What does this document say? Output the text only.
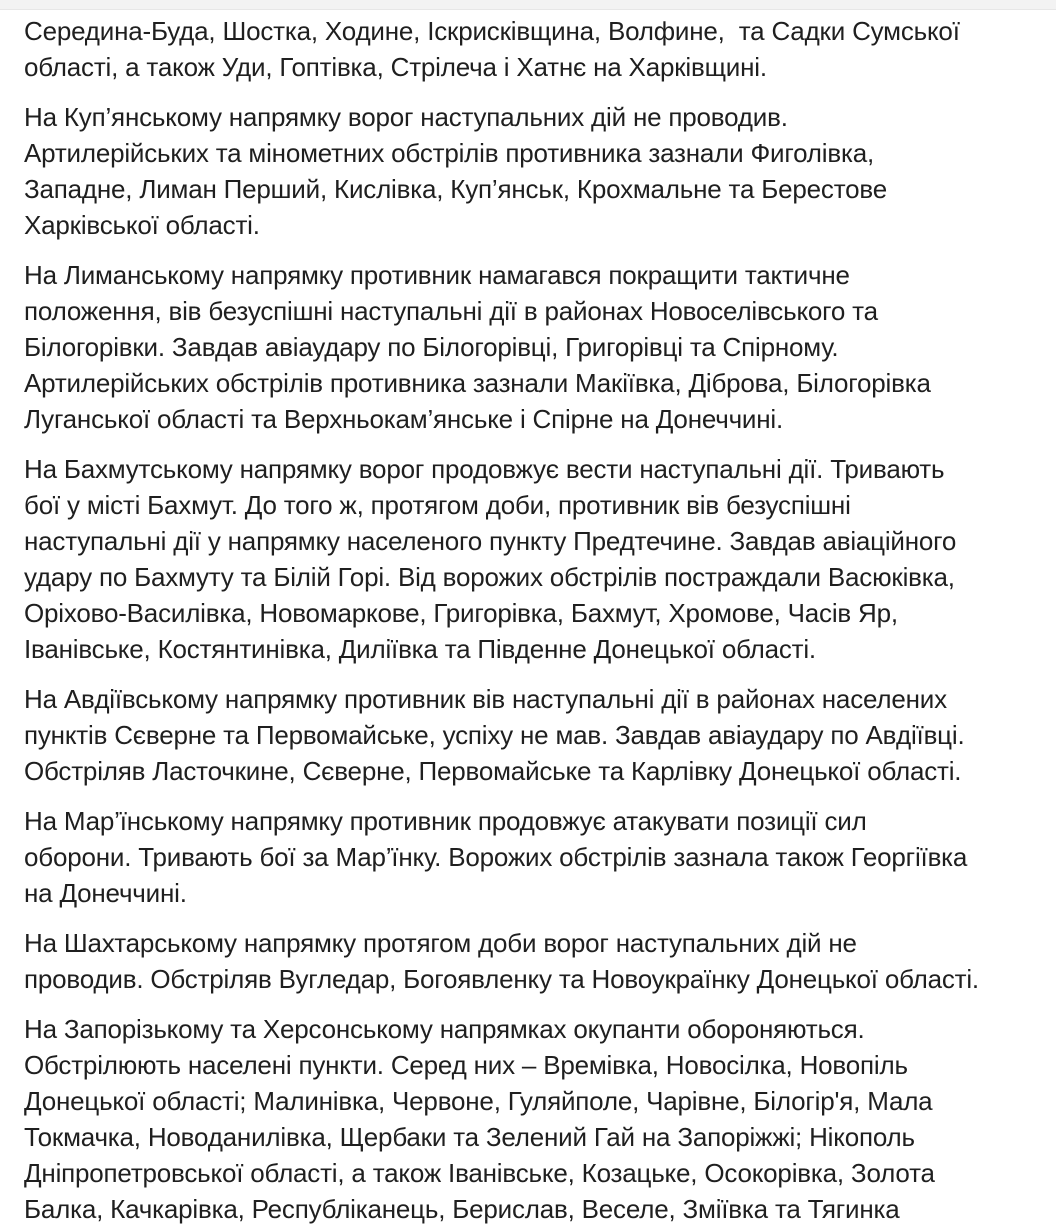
Середина-Буда, Шостка, Ходине, Іскрисківщина, Волфине,  та Садки Сумської
області, а також Уди, Гоптівка, Стрілеча і Хатнє на Харківщині.

На Куп’янському напрямку ворог наступальних дій не проводив.
Артилерійських та мінометних обстрілів противника зазнали Фиголівка,
Западне, Лиман Перший, Кислівка, Куп’янськ, Крохмальне та Берестове
Харківської області.

На Лиманському напрямку противник намагався покращити тактичне
положення, вів безуспішні наступальні дії в районах Новоселівського та
Білогорівки. Завдав авіаудару по Білогорівці, Григорівці та Спірному.
Артилерійських обстрілів противника зазнали Макіївка, Діброва, Білогорівка
Луганської області та Верхньокам’янське і Спірне на Донеччині.

На Бахмутському напрямку ворог продовжує вести наступальні дії. Тривають
бої у місті Бахмут. До того ж, протягом доби, противник вів безуспішні
наступальні дії у напрямку населеного пункту Предтечине. Завдав авіаційного
удару по Бахмуту та Білій Горі. Від ворожих обстрілів постраждали Васюківка,
Оріхово-Василівка, Новомаркове, Григорівка, Бахмут, Хромове, Часів Яр,
Іванівське, Костянтинівка, Диліївка та Південне Донецької області.

На Авдіївському напрямку противник вів наступальні дії в районах населених
пунктів Сєверне та Первомайське, успіху не мав. Завдав авіаудару по Авдіївці.
Обстріляв Ласточкине, Сєверне, Первомайське та Карлівку Донецької області.

На Мар’їнському напрямку противник продовжує атакувати позиції сил
оборони. Тривають бої за Мар’їнку. Ворожих обстрілів зазнала також Георгіївка
на Донеччині.

На Шахтарському напрямку протягом доби ворог наступальних дій не
проводив. Обстріляв Вугледар, Богоявленку та Новоукраїнку Донецької області.

На Запорізькому та Херсонському напрямках окупанти обороняються.
Обстрілюють населені пункти. Серед них – Времівка, Новосілка, Новопіль
Донецької області; Малинівка, Червоне, Гуляйполе, Чарівне, Білогір'я, Мала
Токмачка, Новоданилівка, Щербаки та Зелений Гай на Запоріжжі; Нікополь
Дніпропетровської області, а також Іванівське, Козацьке, Осокорівка, Золота
Балка, Качкарівка, Республіканець, Берислав, Веселе, Зміївка та Тягинка
